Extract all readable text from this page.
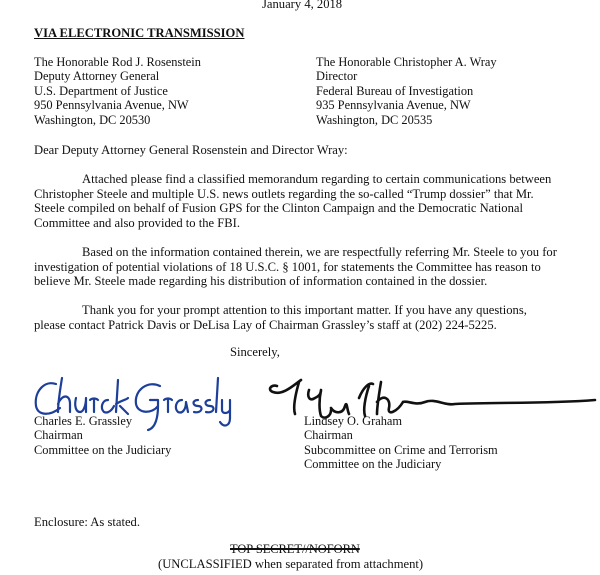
January 4, 2018
VIA ELECTRONIC TRANSMISSION
The Honorable Rod J. Rosenstein
Deputy Attorney General
U.S. Department of Justice
950 Pennsylvania Avenue, NW
Washington, DC 20530
The Honorable Christopher A. Wray
Director
Federal Bureau of Investigation
935 Pennsylvania Avenue, NW
Washington, DC 20535
Dear Deputy Attorney General Rosenstein and Director Wray:
Attached please find a classified memorandum regarding to certain communications between
Christopher Steele and multiple U.S. news outlets regarding the so-called “Trump dossier” that Mr.
Steele compiled on behalf of Fusion GPS for the Clinton Campaign and the Democratic National
Committee and also provided to the FBI.
Based on the information contained therein, we are respectfully referring Mr. Steele to you for
investigation of potential violations of 18 U.S.C. § 1001, for statements the Committee has reason to
believe Mr. Steele made regarding his distribution of information contained in the dossier.
Thank you for your prompt attention to this important matter. If you have any questions,
please contact Patrick Davis or DeLisa Lay of Chairman Grassley’s staff at (202) 224-5225.
Sincerely,
Charles E. Grassley
Chairman
Committee on the Judiciary
Lindsey O. Graham
Chairman
Subcommittee on Crime and Terrorism
Committee on the Judiciary
Enclosure: As stated.
TOP SECRET//NOFORN
(UNCLASSIFIED when separated from attachment)
